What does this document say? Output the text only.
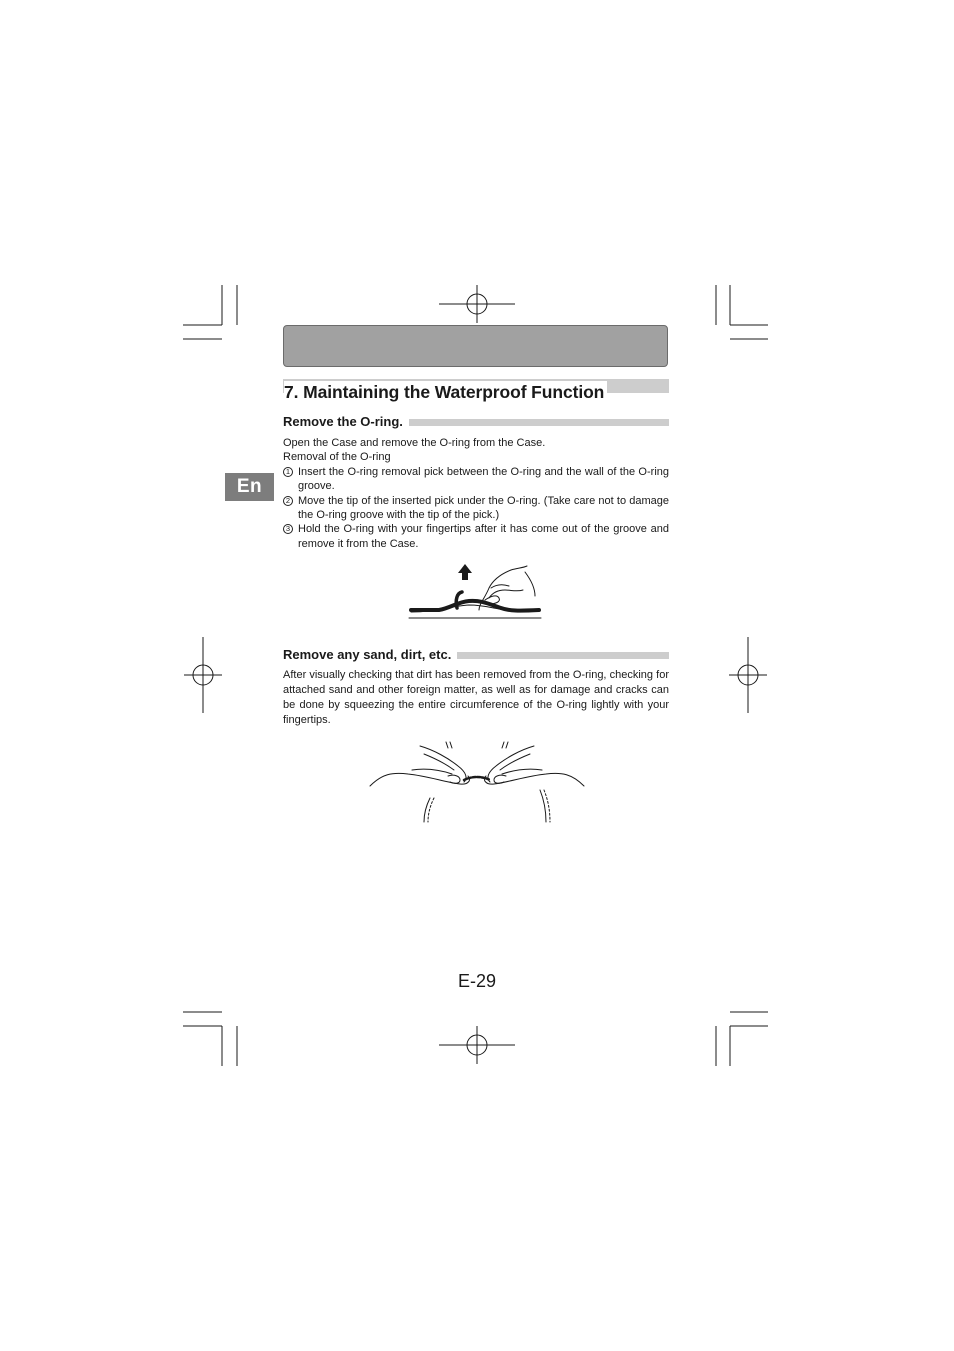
7. Maintaining the Waterproof Function
En
Remove the O-ring.

Open the Case and remove the O-ring from the Case.

Removal of the O-ring

1 Insert the O-ring removal pick between the O-ring and the wall of the O-ring groove.
2 Move the tip of the inserted pick under the O-ring. (Take care not to damage the O-ring groove with the tip of the pick.)
3 Hold the O-ring with your fingertips after it has come out of the groove and remove it from the Case.
Remove any sand, dirt, etc.
After visually checking that dirt has been removed from the O-ring, checking for attached sand and other foreign matter, as well as for damage and cracks can be done by squeezing the entire circumference of the O-ring lightly with your fingertips.
E-29
